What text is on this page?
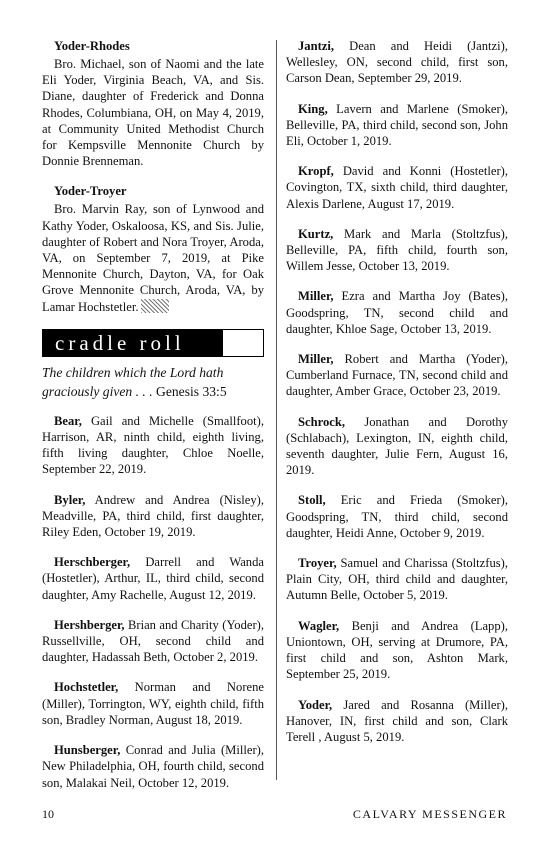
Yoder-Rhodes

Bro. Michael, son of Naomi and the late Eli Yoder, Virginia Beach, VA, and Sis. Diane, daughter of Frederick and Donna Rhodes, Columbiana, OH, on May 4, 2019, at Community United Methodist Church for Kempsville Mennonite Church by Donnie Brenneman.

Yoder-Troyer

Bro. Marvin Ray, son of Lynwood and Kathy Yoder, Oskaloosa, KS, and Sis. Julie, daughter of Robert and Nora Troyer, Aroda, VA, on September 7, 2019, at Pike Mennonite Church, Dayton, VA, for Oak Grove Mennonite Church, Aroda, VA, by Lamar Hochstetler.

cradle roll
The children which the Lord hath graciously given . . . Genesis 33:5

Bear, Gail and Michelle (Smallfoot), Harrison, AR, ninth child, eighth living, fifth living daughter, Chloe Noelle, September 22, 2019.

Byler, Andrew and Andrea (Nisley), Meadville, PA, third child, first daughter, Riley Eden, October 19, 2019.

Herschberger, Darrell and Wanda (Hostetler), Arthur, IL, third child, second daughter, Amy Rachelle, August 12, 2019.

Hershberger, Brian and Charity (Yoder), Russellville, OH, second child and daughter, Hadassah Beth, October 2, 2019.

Hochstetler, Norman and Norene (Miller), Torrington, WY, eighth child, fifth son, Bradley Norman, August 18, 2019.

Hunsberger, Conrad and Julia (Miller), New Philadelphia, OH, fourth child, second son, Malakai Neil, October 12, 2019.

Jantzi, Dean and Heidi (Jantzi), Wellesley, ON, second child, first son, Carson Dean, September 29, 2019.

King, Lavern and Marlene (Smoker), Belleville, PA, third child, second son, John Eli, October 1, 2019.

Kropf, David and Konni (Hostetler), Covington, TX, sixth child, third daughter, Alexis Darlene, August 17, 2019.

Kurtz, Mark and Marla (Stoltzfus), Belleville, PA, fifth child, fourth son, Willem Jesse, October 13, 2019.

Miller, Ezra and Martha Joy (Bates), Goodspring, TN, second child and daughter, Khloe Sage, October 13, 2019.

Miller, Robert and Martha (Yoder), Cumberland Furnace, TN, second child and daughter, Amber Grace, October 23, 2019.

Schrock, Jonathan and Dorothy (Schlabach), Lexington, IN, eighth child, seventh daughter, Julie Fern, August 16, 2019.

Stoll, Eric and Frieda (Smoker), Goodspring, TN, third child, second daughter, Heidi Anne, October 9, 2019.

Troyer, Samuel and Charissa (Stoltzfus), Plain City, OH, third child and daughter, Autumn Belle, October 5, 2019.

Wagler, Benji and Andrea (Lapp), Uniontown, OH, serving at Drumore, PA, first child and son, Ashton Mark, September 25, 2019.

Yoder, Jared and Rosanna (Miller), Hanover, IN, first child and son, Clark Terell , August 5, 2019.

10	CALVARY MESSENGER
